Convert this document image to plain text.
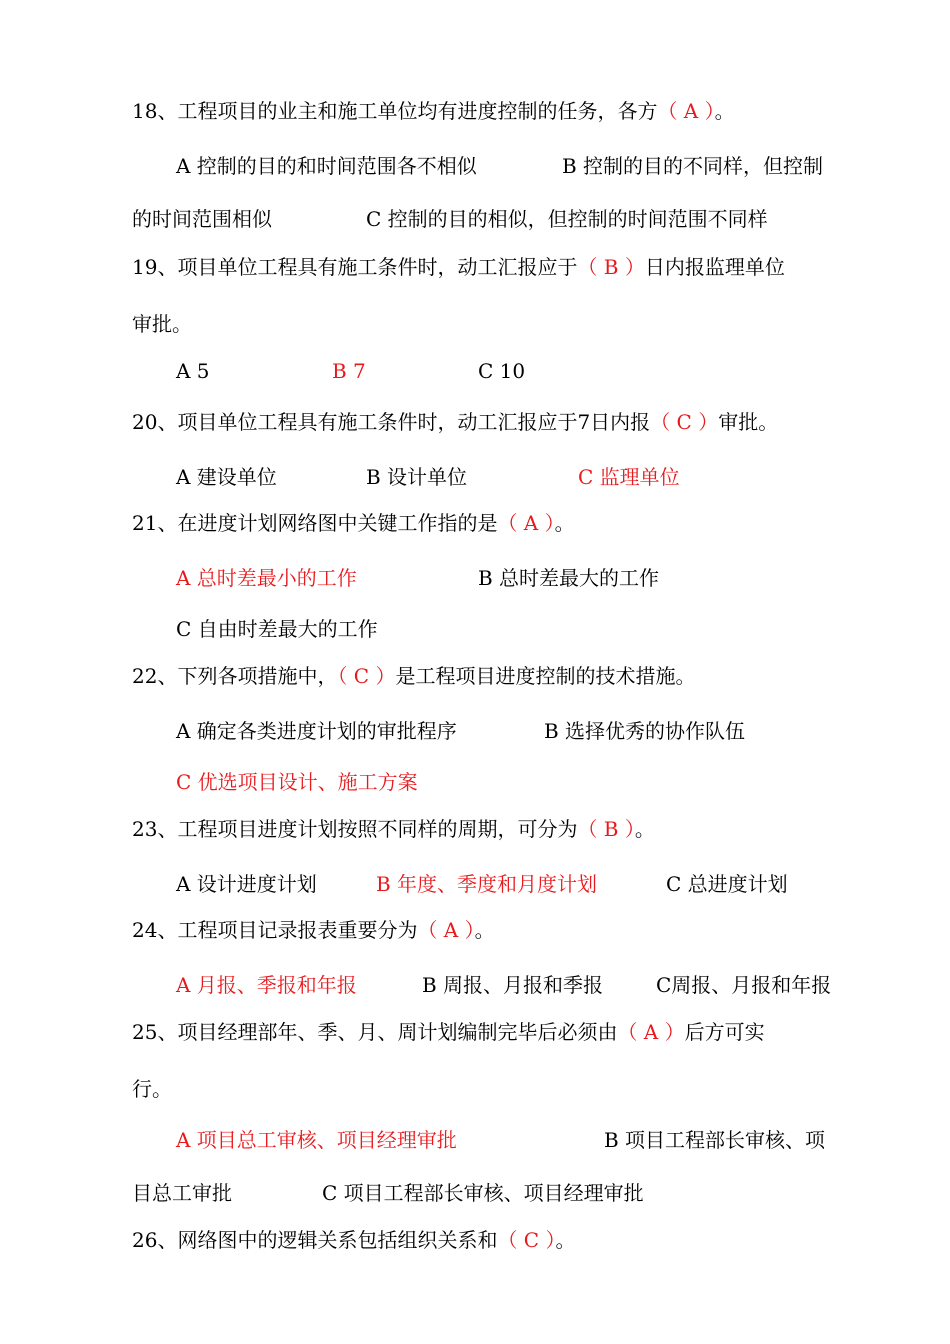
18、工程项目的业主和施工单位均有进度控制的任务，各方（ A ）。
A 控制的目的和时间范围各不相似	B 控制的目的不同样，但控制
的时间范围相似	C 控制的目的相似，但控制的时间范围不同样
19、项目单位工程具有施工条件时，动工汇报应于（ B ）日内报监理单位
审批。
A 5	B 7	C 10
20、项目单位工程具有施工条件时，动工汇报应于7日内报（ C ）审批。
A 建设单位	B 设计单位	C 监理单位
21、在进度计划网络图中关键工作指的是（ A ）。
A 总时差最小的工作	B 总时差最大的工作
C 自由时差最大的工作
22、下列各项措施中，（ C ）是工程项目进度控制的技术措施。
A 确定各类进度计划的审批程序	B 选择优秀的协作队伍
C 优选项目设计、施工方案
23、工程项目进度计划按照不同样的周期，可分为（ B ）。
A 设计进度计划	B 年度、季度和月度计划	C 总进度计划
24、工程项目记录报表重要分为（ A ）。
A 月报、季报和年报	B 周报、月报和季报	C周报、月报和年报
25、项目经理部年、季、月、周计划编制完毕后必须由（ A ）后方可实
行。
A 项目总工审核、项目经理审批	B 项目工程部长审核、项
目总工审批	C 项目工程部长审核、项目经理审批
26、网络图中的逻辑关系包括组织关系和（ C ）。
